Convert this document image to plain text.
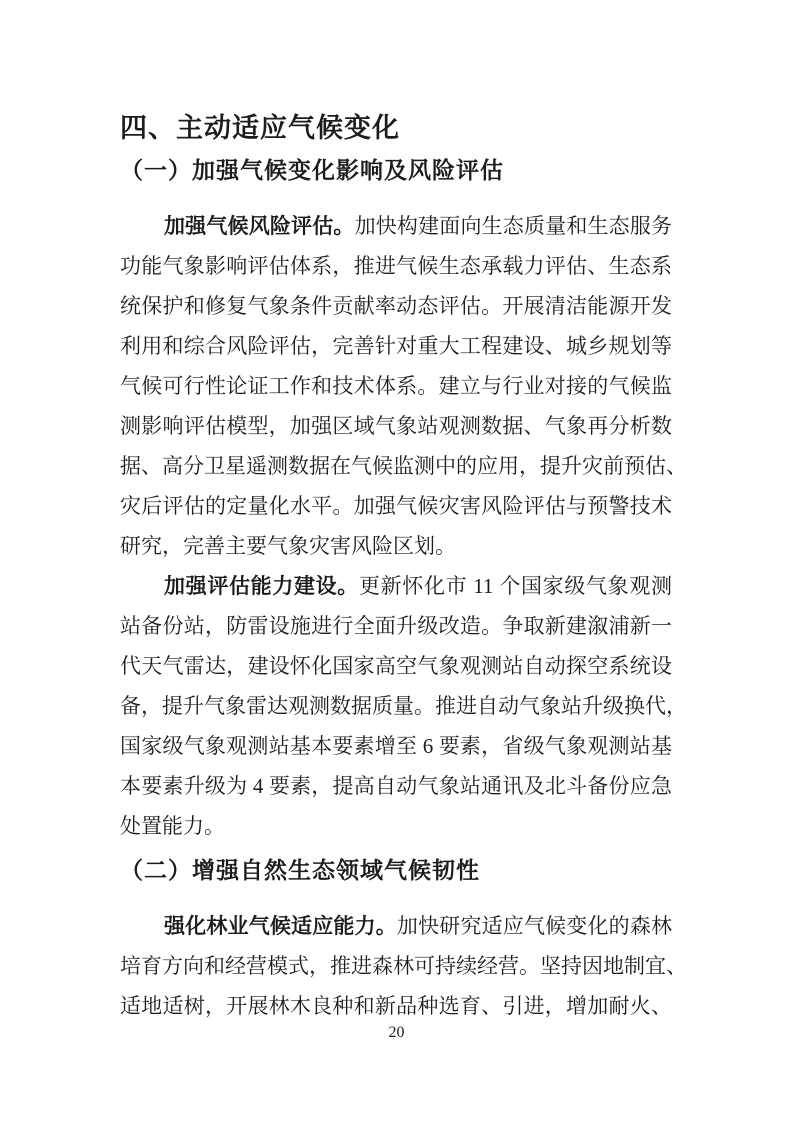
四、主动适应气候变化
（一）加强气候变化影响及风险评估
加强气候风险评估。加快构建面向生态质量和生态服务
功能气象影响评估体系，推进气候生态承载力评估、生态系
统保护和修复气象条件贡献率动态评估。开展清洁能源开发
利用和综合风险评估，完善针对重大工程建设、城乡规划等
气候可行性论证工作和技术体系。建立与行业对接的气候监
测影响评估模型，加强区域气象站观测数据、气象再分析数
据、高分卫星遥测数据在气候监测中的应用，提升灾前预估、
灾后评估的定量化水平。加强气候灾害风险评估与预警技术
研究，完善主要气象灾害风险区划。
加强评估能力建设。更新怀化市 11 个国家级气象观测
站备份站，防雷设施进行全面升级改造。争取新建溆浦新一
代天气雷达，建设怀化国家高空气象观测站自动探空系统设
备，提升气象雷达观测数据质量。推进自动气象站升级换代，
国家级气象观测站基本要素增至 6 要素，省级气象观测站基
本要素升级为 4 要素，提高自动气象站通讯及北斗备份应急
处置能力。
（二）增强自然生态领域气候韧性
强化林业气候适应能力。加快研究适应气候变化的森林
培育方向和经营模式，推进森林可持续经营。坚持因地制宜、
适地适树，开展林木良种和新品种选育、引进，增加耐火、
20
